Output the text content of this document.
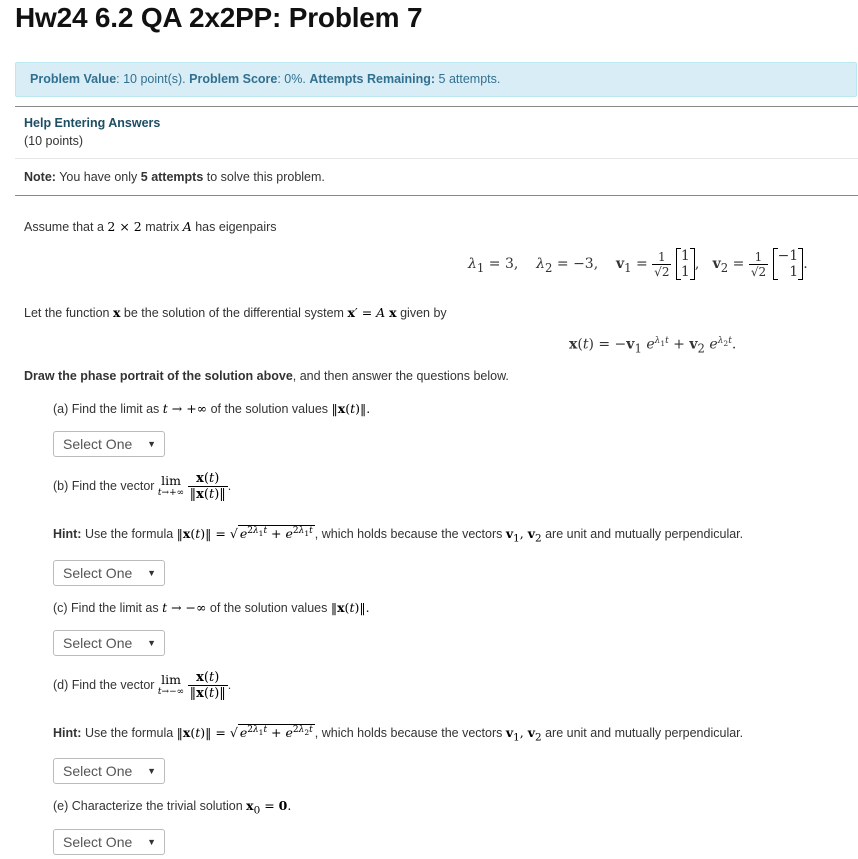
Hw24 6.2 QA 2x2PP: Problem 7
Problem Value: 10 point(s). Problem Score: 0%. Attempts Remaining: 5 attempts.
Help Entering Answers
(10 points)
Note: You have only 5 attempts to solve this problem.
Assume that a 2 × 2 matrix A has eigenpairs
$\lambda_1 = 3$,    $\lambda_2 = -3$,    $v_1 = \frac{1}{√2}$
1
1 ,   $v_2 = \frac{1}{√2}$
−1
1 .
Let the function x be the solution of the differential system x′ = A x given by
$x(t) = -v_1$ $e^{\lambda_1t} + v_2$ $e^{\lambda_2t}$.
Draw the phase portrait of the solution above, and then answer the questions below.
(a) Find the limit as t → +∞ of the solution values ‖x(t)‖.
Select One ▼
(b) Find the vector lim
t→+∞
$\frac{x(t)}{‖x(t)‖}$ .
Hint: Use the formula ‖x(t)‖ = √ $e^{2\lambda_1t} + e^{2\lambda_1t}$ , which holds because the vectors $v_1$, $v_2$ are unit and mutually perpendicular.
Select One ▼
(c) Find the limit as t → −∞ of the solution values ‖x(t)‖.
Select One ▼
(d) Find the vector lim
t→−∞
$\frac{x(t)}{‖x(t)‖}$ .
Hint: Use the formula ‖x(t)‖ = √ $e^{2\lambda_1t} + e^{2\lambda_2t}$ , which holds because the vectors $v_1$, $v_2$ are unit and mutually perpendicular.
Select One ▼
(e) Characterize the trivial solution $x_0 = 0$.
Select One ▼
